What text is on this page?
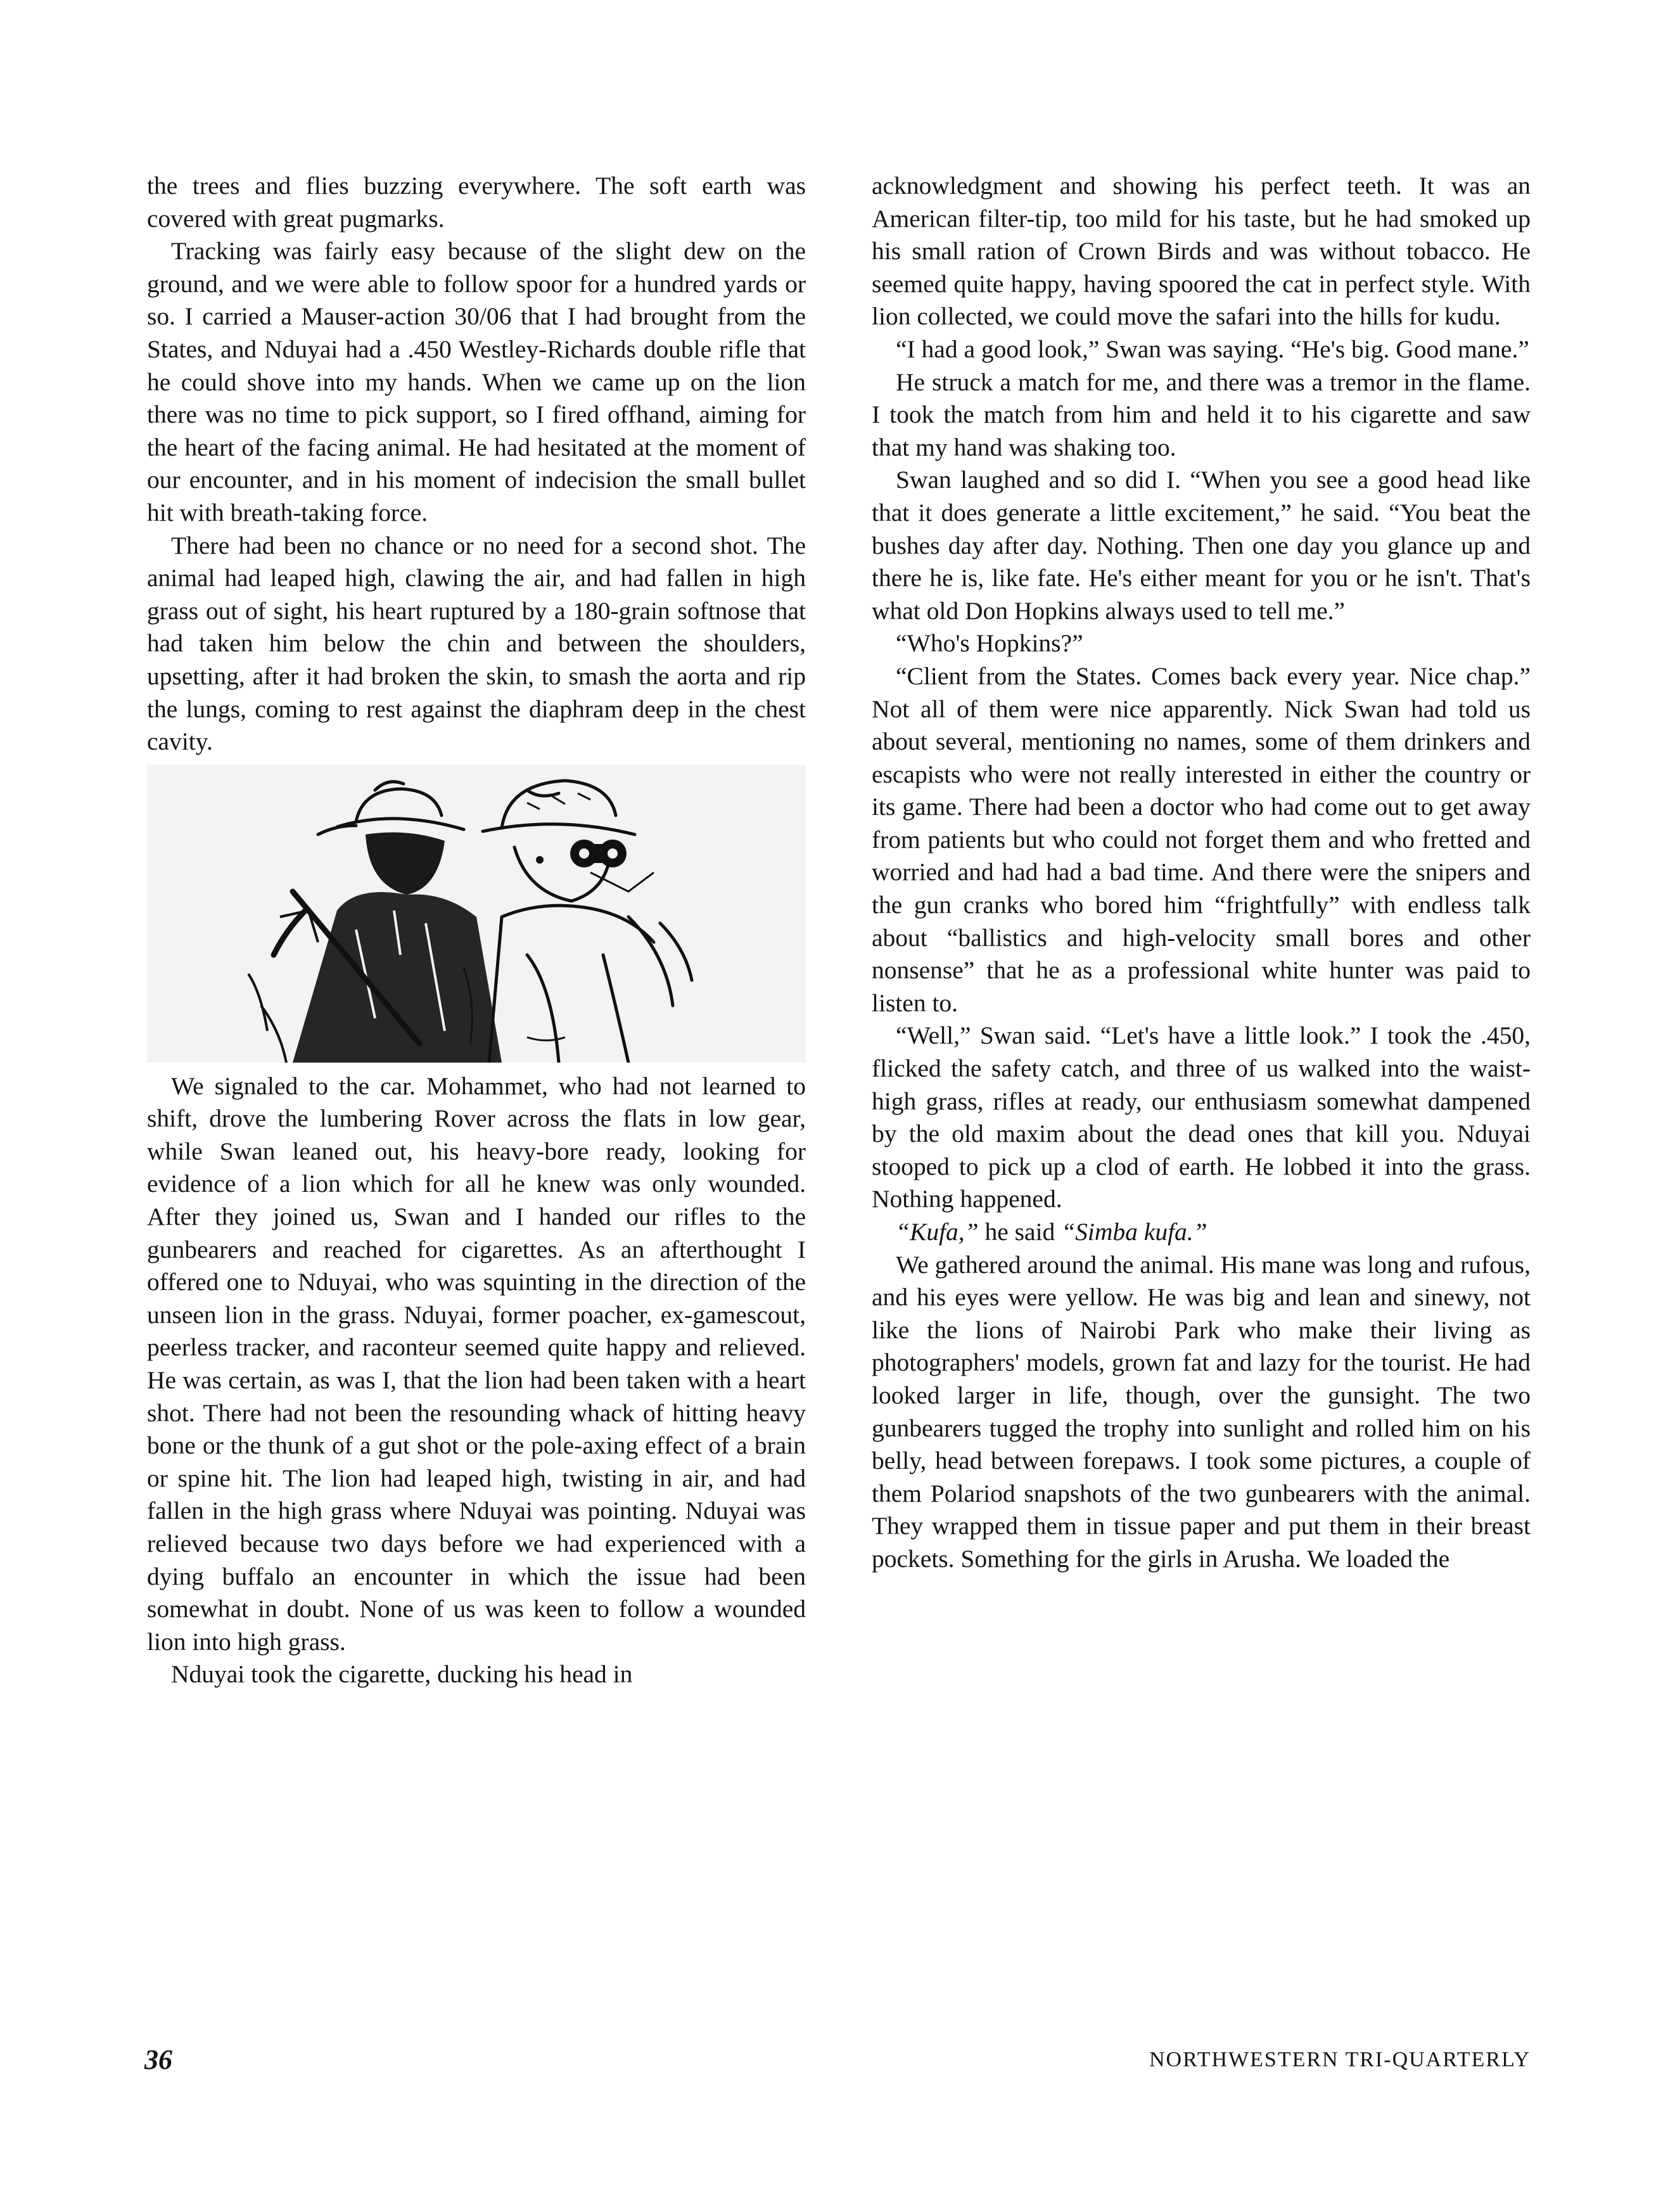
the trees and flies buzzing everywhere. The soft earth was covered with great pugmarks.

Tracking was fairly easy because of the slight dew on the ground, and we were able to follow spoor for a hundred yards or so. I carried a Mauser-action 30/06 that I had brought from the States, and Nduyai had a .450 Westley-Richards double rifle that he could shove into my hands. When we came up on the lion there was no time to pick support, so I fired offhand, aiming for the heart of the facing animal. He had hesitated at the moment of our encounter, and in his moment of indecision the small bullet hit with breath-taking force.

There had been no chance or no need for a second shot. The animal had leaped high, clawing the air, and had fallen in high grass out of sight, his heart ruptured by a 180-grain softnose that had taken him below the chin and between the shoulders, upsetting, after it had broken the skin, to smash the aorta and rip the lungs, coming to rest against the diaphram deep in the chest cavity.

We signaled to the car. Mohammet, who had not learned to shift, drove the lumbering Rover across the flats in low gear, while Swan leaned out, his heavy-bore ready, looking for evidence of a lion which for all he knew was only wounded. After they joined us, Swan and I handed our rifles to the gunbearers and reached for cigarettes. As an afterthought I offered one to Nduyai, who was squinting in the direction of the unseen lion in the grass. Nduyai, former poacher, ex-gamescout, peerless tracker, and raconteur seemed quite happy and relieved. He was certain, as was I, that the lion had been taken with a heart shot. There had not been the resounding whack of hitting heavy bone or the thunk of a gut shot or the pole-axing effect of a brain or spine hit. The lion had leaped high, twisting in air, and had fallen in the high grass where Nduyai was pointing. Nduyai was relieved because two days before we had experienced with a dying buffalo an encounter in which the issue had been somewhat in doubt. None of us was keen to follow a wounded lion into high grass.

Nduyai took the cigarette, ducking his head in

acknowledgment and showing his perfect teeth. It was an American filter-tip, too mild for his taste, but he had smoked up his small ration of Crown Birds and was without tobacco. He seemed quite happy, having spoored the cat in perfect style. With lion collected, we could move the safari into the hills for kudu.

“I had a good look,” Swan was saying. “He's big. Good mane.”

He struck a match for me, and there was a tremor in the flame. I took the match from him and held it to his cigarette and saw that my hand was shaking too.

Swan laughed and so did I. “When you see a good head like that it does generate a little excitement,” he said. “You beat the bushes day after day. Nothing. Then one day you glance up and there he is, like fate. He's either meant for you or he isn't. That's what old Don Hopkins always used to tell me.”

“Who's Hopkins?”

“Client from the States. Comes back every year. Nice chap.” Not all of them were nice apparently. Nick Swan had told us about several, mentioning no names, some of them drinkers and escapists who were not really interested in either the country or its game. There had been a doctor who had come out to get away from patients but who could not forget them and who fretted and worried and had had a bad time. And there were the snipers and the gun cranks who bored him “frightfully” with endless talk about “ballistics and high-velocity small bores and other nonsense” that he as a professional white hunter was paid to listen to.

“Well,” Swan said. “Let's have a little look.” I took the .450, flicked the safety catch, and three of us walked into the waist-high grass, rifles at ready, our enthusiasm somewhat dampened by the old maxim about the dead ones that kill you. Nduyai stooped to pick up a clod of earth. He lobbed it into the grass. Nothing happened.

“Kufa,” he said “Simba kufa.”

We gathered around the animal. His mane was long and rufous, and his eyes were yellow. He was big and lean and sinewy, not like the lions of Nairobi Park who make their living as photographers' models, grown fat and lazy for the tourist. He had looked larger in life, though, over the gunsight. The two gunbearers tugged the trophy into sunlight and rolled him on his belly, head between forepaws. I took some pictures, a couple of them Polariod snapshots of the two gunbearers with the animal. They wrapped them in tissue paper and put them in their breast pockets. Something for the girls in Arusha. We loaded the

36	NORTHWESTERN TRI-QUARTERLY
